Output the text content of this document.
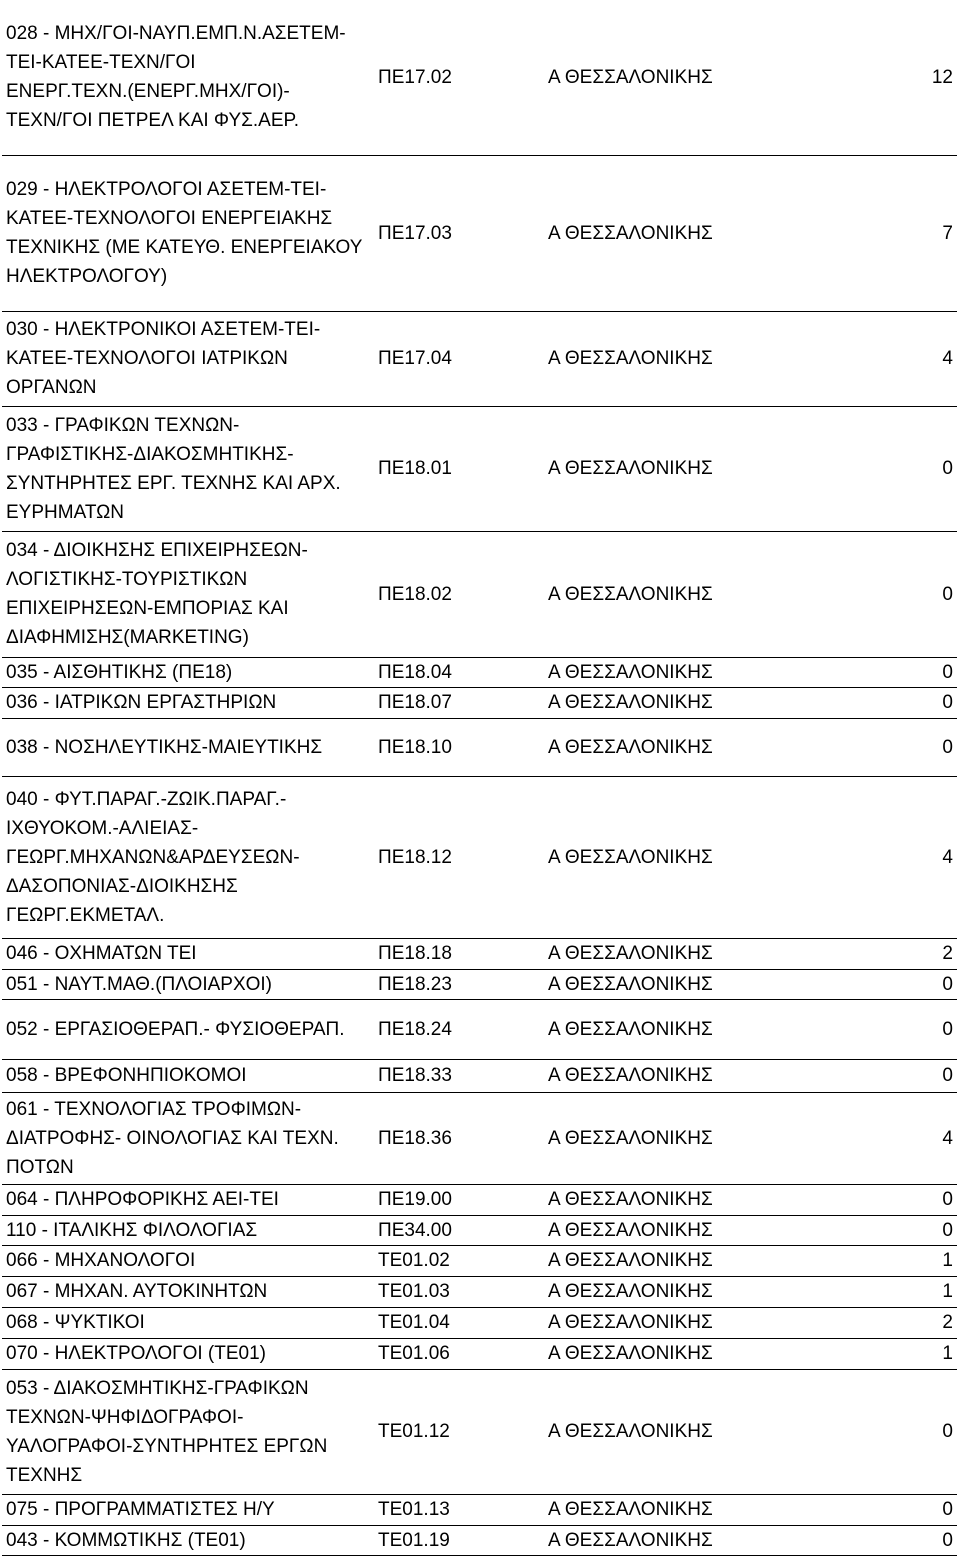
028 - ΜΗΧ/ΓΟΙ-ΝΑΥΠ.ΕΜΠ.Ν.ΑΣΕΤΕΜ-
ΤΕΙ-ΚΑΤΕΕ-ΤΕΧΝ/ΓΟΙ
ΕΝΕΡΓ.ΤΕΧΝ.(ΕΝΕΡΓ.ΜΗΧ/ΓΟΙ)-
ΤΕΧΝ/ΓΟΙ ΠΕΤΡΕΛ ΚΑΙ ΦΥΣ.ΑΕΡ.	ΠΕ17.02	Α ΘΕΣΣΑΛΟΝΙΚΗΣ	12
029 - ΗΛΕΚΤΡΟΛΟΓΟΙ ΑΣΕΤΕΜ-ΤΕΙ-
ΚΑΤΕΕ-ΤΕΧΝΟΛΟΓΟΙ ΕΝΕΡΓΕΙΑΚΗΣ
ΤΕΧΝΙΚΗΣ (ΜΕ ΚΑΤΕΥΘ. ΕΝΕΡΓΕΙΑΚΟΥ
ΗΛΕΚΤΡΟΛΟΓΟΥ)	ΠΕ17.03	Α ΘΕΣΣΑΛΟΝΙΚΗΣ	7
030 - ΗΛΕΚΤΡΟΝΙΚΟΙ ΑΣΕΤΕΜ-ΤΕΙ-
ΚΑΤΕΕ-ΤΕΧΝΟΛΟΓΟΙ ΙΑΤΡΙΚΩΝ
ΟΡΓΑΝΩΝ	ΠΕ17.04	Α ΘΕΣΣΑΛΟΝΙΚΗΣ	4
033 - ΓΡΑΦΙΚΩΝ ΤΕΧΝΩΝ-
ΓΡΑΦΙΣΤΙΚΗΣ-ΔΙΑΚΟΣΜΗΤΙΚΗΣ-
ΣΥΝΤΗΡΗΤΕΣ ΕΡΓ. ΤΕΧΝΗΣ ΚΑΙ ΑΡΧ.
ΕΥΡΗΜΑΤΩΝ	ΠΕ18.01	Α ΘΕΣΣΑΛΟΝΙΚΗΣ	0
034 - ΔΙΟΙΚΗΣΗΣ ΕΠΙΧΕΙΡΗΣΕΩΝ-
ΛΟΓΙΣΤΙΚΗΣ-ΤΟΥΡΙΣΤΙΚΩΝ
ΕΠΙΧΕΙΡΗΣΕΩΝ-ΕΜΠΟΡΙΑΣ ΚΑΙ
ΔΙΑΦΗΜΙΣΗΣ(MARKETING)	ΠΕ18.02	Α ΘΕΣΣΑΛΟΝΙΚΗΣ	0
035 - ΑΙΣΘΗΤΙΚΗΣ (ΠΕ18)	ΠΕ18.04	Α ΘΕΣΣΑΛΟΝΙΚΗΣ	0
036 - ΙΑΤΡΙΚΩΝ ΕΡΓΑΣΤΗΡΙΩΝ	ΠΕ18.07	Α ΘΕΣΣΑΛΟΝΙΚΗΣ	0
038 - ΝΟΣΗΛΕΥΤΙΚΗΣ-ΜΑΙΕΥΤΙΚΗΣ	ΠΕ18.10	Α ΘΕΣΣΑΛΟΝΙΚΗΣ	0
040 - ΦΥΤ.ΠΑΡΑΓ.-ΖΩΙΚ.ΠΑΡΑΓ.-
ΙΧΘΥΟΚΟΜ.-ΑΛΙΕΙΑΣ-
ΓΕΩΡΓ.ΜΗΧΑΝΩΝ&ΑΡΔΕΥΣΕΩΝ-
ΔΑΣΟΠΟΝΙΑΣ-ΔΙΟΙΚΗΣΗΣ
ΓΕΩΡΓ.ΕΚΜΕΤΑΛ.	ΠΕ18.12	Α ΘΕΣΣΑΛΟΝΙΚΗΣ	4
046 - ΟΧΗΜΑΤΩΝ ΤΕΙ	ΠΕ18.18	Α ΘΕΣΣΑΛΟΝΙΚΗΣ	2
051 - ΝΑΥΤ.ΜΑΘ.(ΠΛΟΙΑΡΧΟΙ)	ΠΕ18.23	Α ΘΕΣΣΑΛΟΝΙΚΗΣ	0
052 - ΕΡΓΑΣΙΟΘΕΡΑΠ.- ΦΥΣΙΟΘΕΡΑΠ.	ΠΕ18.24	Α ΘΕΣΣΑΛΟΝΙΚΗΣ	0
058 - ΒΡΕΦΟΝΗΠΙΟΚΟΜΟΙ	ΠΕ18.33	Α ΘΕΣΣΑΛΟΝΙΚΗΣ	0
061 - ΤΕΧΝΟΛΟΓΙΑΣ ΤΡΟΦΙΜΩΝ-
ΔΙΑΤΡΟΦΗΣ- ΟΙΝΟΛΟΓΙΑΣ ΚΑΙ ΤΕΧΝ.
ΠΟΤΩΝ	ΠΕ18.36	Α ΘΕΣΣΑΛΟΝΙΚΗΣ	4
064 - ΠΛΗΡΟΦΟΡΙΚΗΣ ΑΕΙ-ΤΕΙ	ΠΕ19.00	Α ΘΕΣΣΑΛΟΝΙΚΗΣ	0
110 - ΙΤΑΛΙΚΗΣ ΦΙΛΟΛΟΓΙΑΣ	ΠΕ34.00	Α ΘΕΣΣΑΛΟΝΙΚΗΣ	0
066 - ΜΗΧΑΝΟΛΟΓΟΙ	ΤΕ01.02	Α ΘΕΣΣΑΛΟΝΙΚΗΣ	1
067 - ΜΗΧΑΝ. ΑΥΤΟΚΙΝΗΤΩΝ	ΤΕ01.03	Α ΘΕΣΣΑΛΟΝΙΚΗΣ	1
068 - ΨΥΚΤΙΚΟΙ	ΤΕ01.04	Α ΘΕΣΣΑΛΟΝΙΚΗΣ	2
070 - ΗΛΕΚΤΡΟΛΟΓΟΙ (ΤΕ01)	ΤΕ01.06	Α ΘΕΣΣΑΛΟΝΙΚΗΣ	1
053 - ΔΙΑΚΟΣΜΗΤΙΚΗΣ-ΓΡΑΦΙΚΩΝ
ΤΕΧΝΩΝ-ΨΗΦΙΔΟΓΡΑΦΟΙ-
ΥΑΛΟΓΡΑΦΟΙ-ΣΥΝΤΗΡΗΤΕΣ ΕΡΓΩΝ
ΤΕΧΝΗΣ	ΤΕ01.12	Α ΘΕΣΣΑΛΟΝΙΚΗΣ	0
075 - ΠΡΟΓΡΑΜΜΑΤΙΣΤΕΣ Η/Υ	ΤΕ01.13	Α ΘΕΣΣΑΛΟΝΙΚΗΣ	0
043 - ΚΟΜΜΩΤΙΚΗΣ (ΤΕ01)	ΤΕ01.19	Α ΘΕΣΣΑΛΟΝΙΚΗΣ	0
